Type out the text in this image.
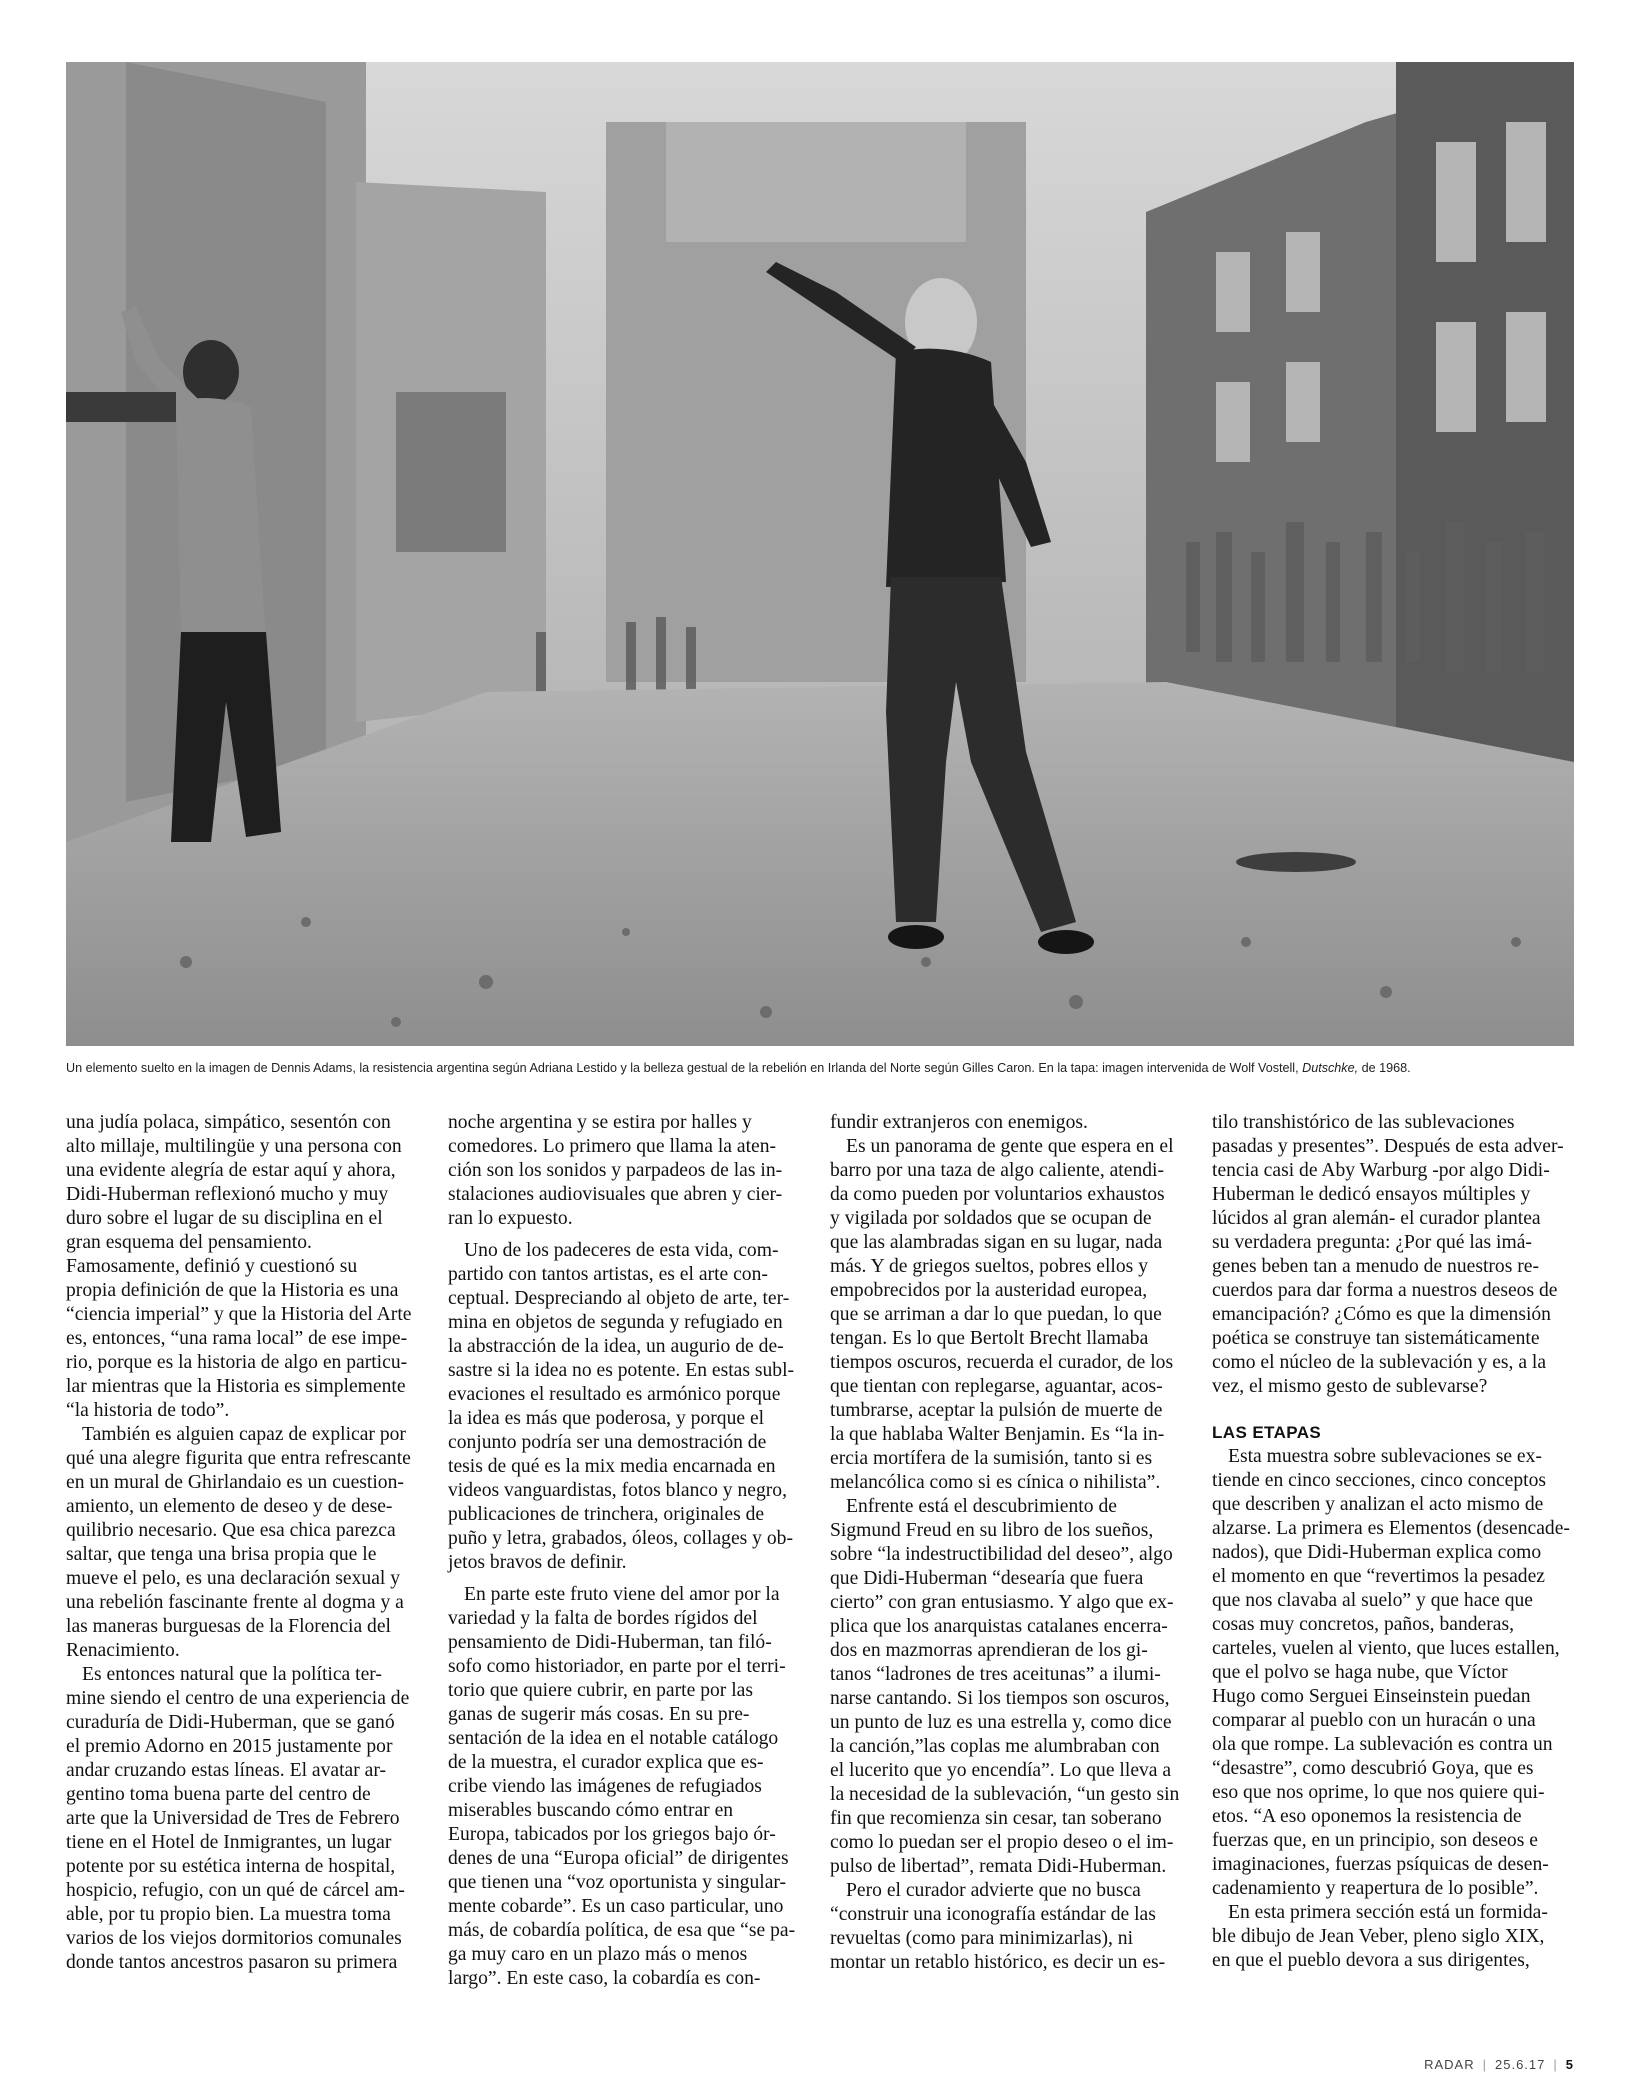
Un elemento suelto en la imagen de Dennis Adams, la resistencia argentina según Adriana Lestido y la belleza gestual de la rebelión en Irlanda del Norte según Gilles Caron. En la tapa: imagen intervenida de Wolf Vostell, Dutschke, de 1968.
una judía polaca, simpático, sesentón con
alto millaje, multilingüe y una persona con
una evidente alegría de estar aquí y ahora,
Didi-Huberman reflexionó mucho y muy
duro sobre el lugar de su disciplina en el
gran esquema del pensamiento.
Famosamente, definió y cuestionó su
propia definición de que la Historia es una
“ciencia imperial” y que la Historia del Arte
es, entonces, “una rama local” de ese impe-
rio, porque es la historia de algo en particu-
lar mientras que la Historia es simplemente
“la historia de todo”.
También es alguien capaz de explicar por
qué una alegre figurita que entra refrescante
en un mural de Ghirlandaio es un cuestion-
amiento, un elemento de deseo y de dese-
quilibrio necesario. Que esa chica parezca
saltar, que tenga una brisa propia que le
mueve el pelo, es una declaración sexual y
una rebelión fascinante frente al dogma y a
las maneras burguesas de la Florencia del
Renacimiento.
Es entonces natural que la política ter-
mine siendo el centro de una experiencia de
curaduría de Didi-Huberman, que se ganó
el premio Adorno en 2015 justamente por
andar cruzando estas líneas. El avatar ar-
gentino toma buena parte del centro de
arte que la Universidad de Tres de Febrero
tiene en el Hotel de Inmigrantes, un lugar
potente por su estética interna de hospital,
hospicio, refugio, con un qué de cárcel am-
able, por tu propio bien. La muestra toma
varios de los viejos dormitorios comunales
donde tantos ancestros pasaron su primera
noche argentina y se estira por halles y
comedores. Lo primero que llama la aten-
ción son los sonidos y parpadeos de las in-
stalaciones audiovisuales que abren y cier-
ran lo expuesto.
Uno de los padeceres de esta vida, com-
partido con tantos artistas, es el arte con-
ceptual. Despreciando al objeto de arte, ter-
mina en objetos de segunda y refugiado en
la abstracción de la idea, un augurio de de-
sastre si la idea no es potente. En estas subl-
evaciones el resultado es armónico porque
la idea es más que poderosa, y porque el
conjunto podría ser una demostración de
tesis de qué es la mix media encarnada en
videos vanguardistas, fotos blanco y negro,
publicaciones de trinchera, originales de
puño y letra, grabados, óleos, collages y ob-
jetos bravos de definir.
En parte este fruto viene del amor por la
variedad y la falta de bordes rígidos del
pensamiento de Didi-Huberman, tan filó-
sofo como historiador, en parte por el terri-
torio que quiere cubrir, en parte por las
ganas de sugerir más cosas. En su pre-
sentación de la idea en el notable catálogo
de la muestra, el curador explica que es-
cribe viendo las imágenes de refugiados
miserables buscando cómo entrar en
Europa, tabicados por los griegos bajo ór-
denes de una “Europa oficial” de dirigentes
que tienen una “voz oportunista y singular-
mente cobarde”. Es un caso particular, uno
más, de cobardía política, de esa que “se pa-
ga muy caro en un plazo más o menos
largo”. En este caso, la cobardía es con-
fundir extranjeros con enemigos.
Es un panorama de gente que espera en el
barro por una taza de algo caliente, atendi-
da como pueden por voluntarios exhaustos
y vigilada por soldados que se ocupan de
que las alambradas sigan en su lugar, nada
más. Y de griegos sueltos, pobres ellos y
empobrecidos por la austeridad europea,
que se arriman a dar lo que puedan, lo que
tengan. Es lo que Bertolt Brecht llamaba
tiempos oscuros, recuerda el curador, de los
que tientan con replegarse, aguantar, acos-
tumbrarse, aceptar la pulsión de muerte de
la que hablaba Walter Benjamin. Es “la in-
ercia mortífera de la sumisión, tanto si es
melancólica como si es cínica o nihilista”.
Enfrente está el descubrimiento de
Sigmund Freud en su libro de los sueños,
sobre “la indestructibilidad del deseo”, algo
que Didi-Huberman “desearía que fuera
cierto” con gran entusiasmo. Y algo que ex-
plica que los anarquistas catalanes encerra-
dos en mazmorras aprendieran de los gi-
tanos “ladrones de tres aceitunas” a ilumi-
narse cantando. Si los tiempos son oscuros,
un punto de luz es una estrella y, como dice
la canción,”las coplas me alumbraban con
el lucerito que yo encendía”. Lo que lleva a
la necesidad de la sublevación, “un gesto sin
fin que recomienza sin cesar, tan soberano
como lo puedan ser el propio deseo o el im-
pulso de libertad”, remata Didi-Huberman.
Pero el curador advierte que no busca
“construir una iconografía estándar de las
revueltas (como para minimizarlas), ni
montar un retablo histórico, es decir un es-
tilo transhistórico de las sublevaciones
pasadas y presentes”. Después de esta adver-
tencia casi de Aby Warburg -por algo Didi-
Huberman le dedicó ensayos múltiples y
lúcidos al gran alemán- el curador plantea
su verdadera pregunta: ¿Por qué las imá-
genes beben tan a menudo de nuestros re-
cuerdos para dar forma a nuestros deseos de
emancipación? ¿Cómo es que la dimensión
poética se construye tan sistemáticamente
como el núcleo de la sublevación y es, a la
vez, el mismo gesto de sublevarse?
LAS ETAPAS
Esta muestra sobre sublevaciones se ex-
tiende en cinco secciones, cinco conceptos
que describen y analizan el acto mismo de
alzarse. La primera es Elementos (desencade-
nados), que Didi-Huberman explica como
el momento en que “revertimos la pesadez
que nos clavaba al suelo” y que hace que
cosas muy concretos, paños, banderas,
carteles, vuelen al viento, que luces estallen,
que el polvo se haga nube, que Víctor
Hugo como Serguei Einseinstein puedan
comparar al pueblo con un huracán o una
ola que rompe. La sublevación es contra un
“desastre”, como descubrió Goya, que es
eso que nos oprime, lo que nos quiere qui-
etos. “A eso oponemos la resistencia de
fuerzas que, en un principio, son deseos e
imaginaciones, fuerzas psíquicas de desen-
cadenamiento y reapertura de lo posible”.
En esta primera sección está un formida-
ble dibujo de Jean Veber, pleno siglo XIX,
en que el pueblo devora a sus dirigentes,
RADAR | 25.6.17 | 5
